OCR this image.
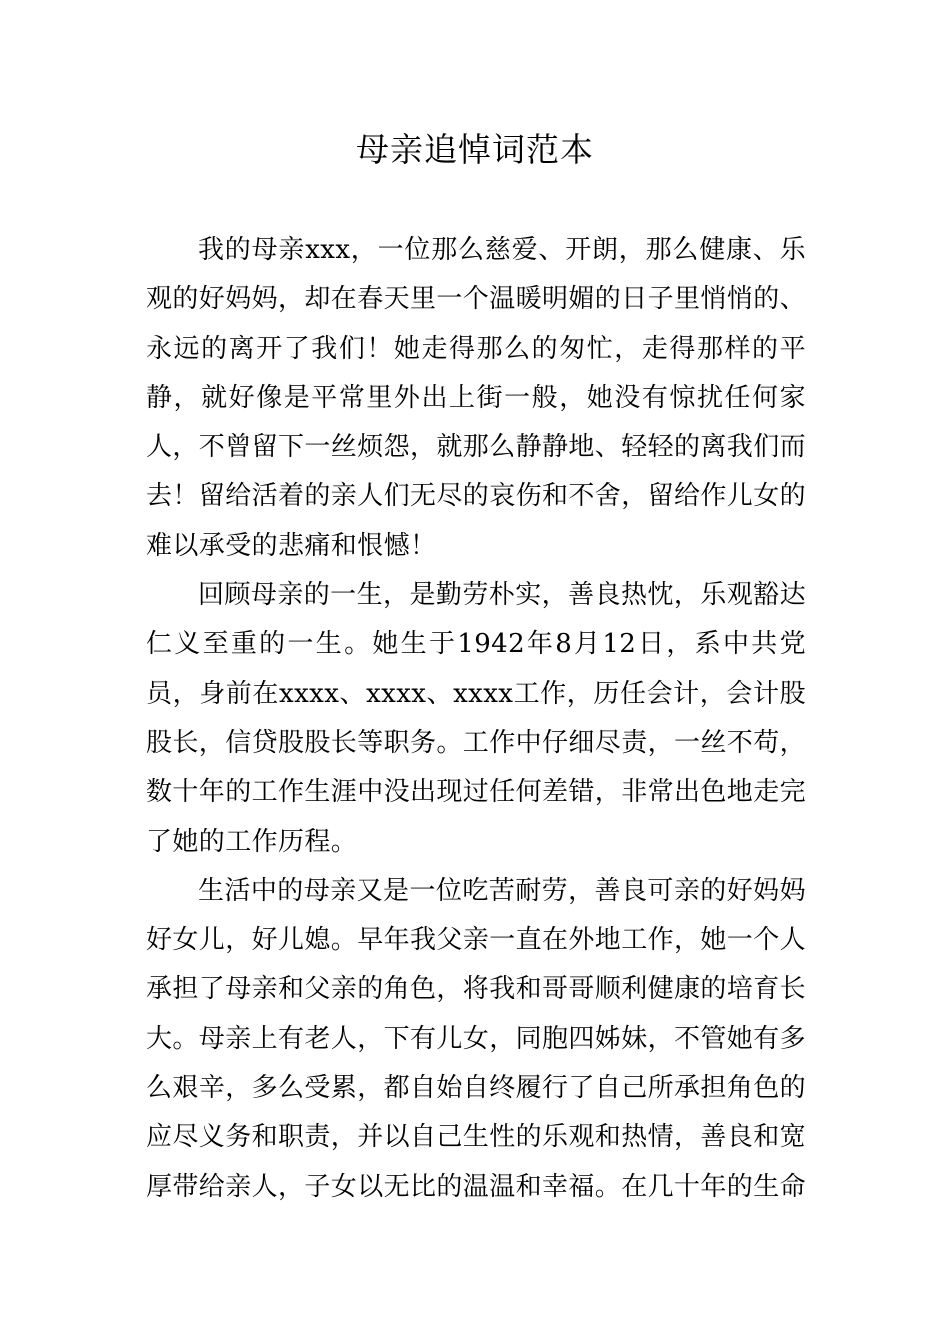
母亲追悼词范本

我的母亲xxx，一位那么慈爱、开朗，那么健康、乐观的好妈妈，却在春天里一个温暖明媚的日子里悄悄的、永远的离开了我们！她走得那么的匆忙，走得那样的平静，就好像是平常里外出上街一般，她没有惊扰任何家人，不曾留下一丝烦怨，就那么静静地、轻轻的离我们而去！留给活着的亲人们无尽的哀伤和不舍，留给作儿女的难以承受的悲痛和恨憾！

回顾母亲的一生，是勤劳朴实，善良热忱，乐观豁达仁义至重的一生。她生于1942年8月12日，系中共党员，身前在xxxx、xxxx、xxxx工作，历任会计，会计股股长，信贷股股长等职务。工作中仔细尽责，一丝不苟，数十年的工作生涯中没出现过任何差错，非常出色地走完了她的工作历程。

生活中的母亲又是一位吃苦耐劳，善良可亲的好妈妈好女儿，好儿媳。早年我父亲一直在外地工作，她一个人承担了母亲和父亲的角色，将我和哥哥顺利健康的培育长大。母亲上有老人，下有儿女，同胞四姊妹，不管她有多么艰辛，多么受累，都自始自终履行了自己所承担角色的应尽义务和职责，并以自己生性的乐观和热情，善良和宽厚带给亲人，子女以无比的温温和幸福。在几十年的生命
